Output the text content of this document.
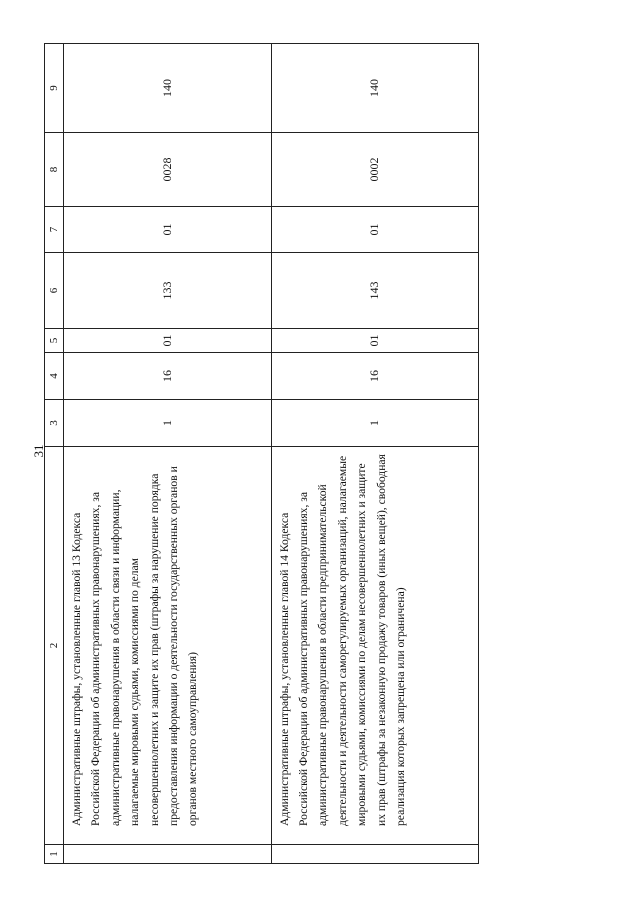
31
1	2	3	4	5	6	7	8	9
	Административные штрафы, установленные главой 13 Кодекса Российской Федерации об административных правонарушениях, за административные правонарушения в области связи и информации, налагаемые мировыми судьями, комиссиями по делам несовершеннолетних и защите их прав (штрафы за нарушение порядка предоставления информации о деятельности государственных органов и органов местного самоуправления)	1	16	01	133	01	0028	140
	Административные штрафы, установленные главой 14 Кодекса Российской Федерации об административных правонарушениях, за административные правонарушения в области предпринимательской деятельности и деятельности саморегулируемых организаций, налагаемые мировыми судьями, комиссиями по делам несовершеннолетних и защите их прав (штрафы за незаконную продажу товаров (иных вещей), свободная реализация которых запрещена или ограничена)	1	16	01	143	01	0002	140
